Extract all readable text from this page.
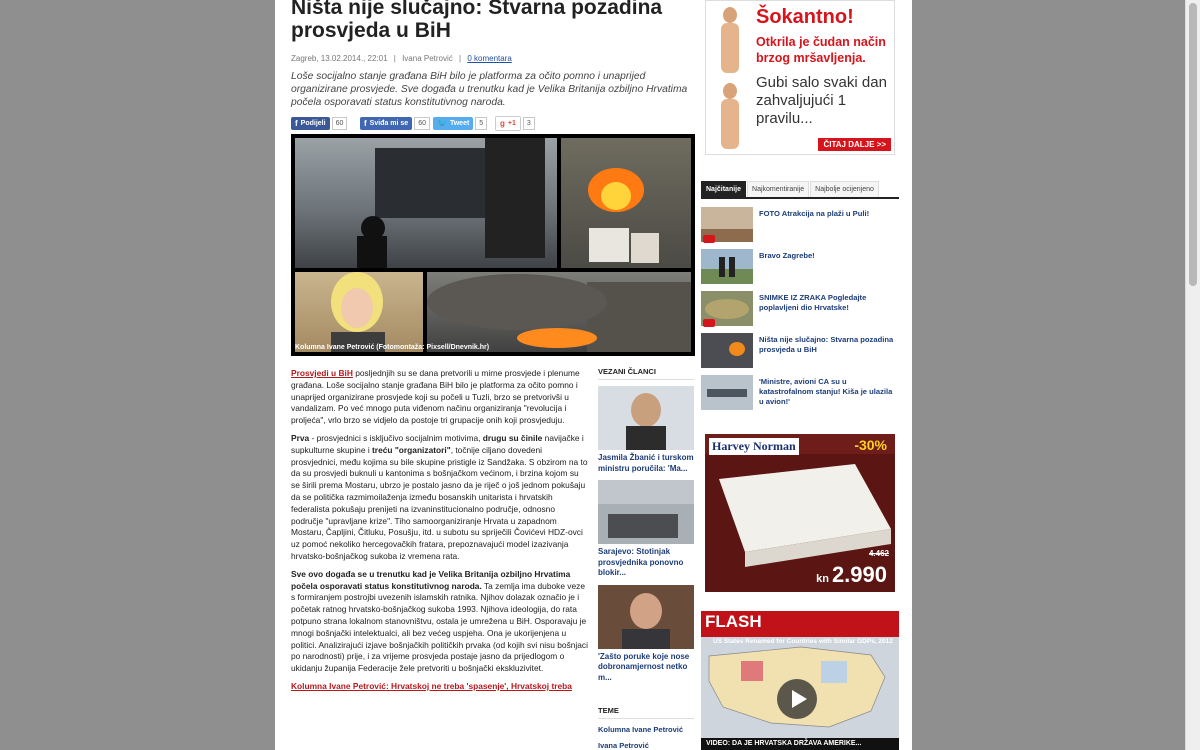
Ništa nije slučajno: Stvarna pozadina prosvjeda u BiH
Zagreb, 13.02.2014., 22:01 | Ivana Petrović | 0 komentara

Loše socijalno stanje građana BiH bilo je platforma za očito pomno i unaprijed organizirane prosvjede. Sve događa u trenutku kad je Velika Britanija ozbiljno Hrvatima počela osporavati status konstitutivnog naroda.

f Podijeli	60	f Sviđa mi se	60	🐦 Tweet	5	g +1	3
Kolumna Ivane Petrović (Fotomontaža: Pixsell/Dnevnik.hr)

Prosvjedi u BiH posljednjih su se dana pretvorili u mirne prosvjede i plenume građana. Loše socijalno stanje građana BiH bilo je platforma za očito pomno i unaprijed organizirane prosvjede koji su počeli u Tuzli, brzo se pretvorivši u vandalizam. Po već mnogo puta viđenom načinu organiziranja "revolucija i proljeća", vrlo brzo se vidjelo da postoje tri grupacije onih koji prosvjeduju.

Prva - prosvjednici s isključivo socijalnim motivima, drugu su činile navijačke i supkulturne skupine i treću "organizatori", točnije ciljano dovedeni prosvjednici, među kojima su bile skupine pristigle iz Sandžaka. S obzirom na to da su prosvjedi buknuli u kantonima s bošnjačkom većinom, i brzina kojom su se širili prema Mostaru, ubrzo je postalo jasno da je riječ o još jednom pokušaju da se politička razmimoilaženja između bosanskih unitarista i hrvatskih federalista pokušaju prenijeti na izvaninstitucionalno područje, odnosno područje "upravljane krize". Tiho samoorganiziranje Hrvata u zapadnom Mostaru, Čapljini, Čitluku, Posušju, itd. u subotu su spriječili Čovićevi HDZ-ovci uz pomoć nekoliko hercegovačkih fratara, prepoznavajući model izazivanja hrvatsko-bošnjačkog sukoba iz vremena rata.

Sve ovo događa se u trenutku kad je Velika Britanija ozbiljno Hrvatima počela osporavati status konstitutivnog naroda. Ta zemlja ima duboke veze s formiranjem postrojbi uvezenih islamskih ratnika. Njihov dolazak označio je i početak ratnog hrvatsko-bošnjačkog sukoba 1993. Njihova ideologija, do rata potpuno strana lokalnom stanovništvu, ostala je umrežena u BiH. Osporavaju je mnogi bošnjački intelektualci, ali bez većeg uspjeha. Ona je ukorijenjena u politici. Analizirajući izjave bošnjačkih političkih prvaka (od kojih svi nisu bošnjaci po narodnosti) prije, i za vrijeme prosvjeda postaje jasno da prijedlogom o ukidanju županija Federacije žele pretvoriti u bošnjački ekskluzivitet.

Kolumna Ivane Petrović: Hrvatskoj ne treba 'spasenje', Hrvatskoj treba

VEZANI ČLANCI
Jasmila Žbanić i turskom ministru poručila: 'Ma...
Sarajevo: Stotinjak prosvjednika ponovno blokir...
'Zašto poruke koje nose dobronamjernost netko m...
TEME
Kolumna Ivane Petrović
Ivana Petrović
Šokantno!
Otkrila je čudan način brzog mršavljenja.
Gubi salo svaki dan zahvaljujući 1 pravilu...
ČITAJ DALJE >>
Najčitanije	Najkomentiranije	Najbolje ocijenjeno
FOTO Atrakcija na plaži u Puli!
Bravo Zagrebe!
SNIMKE IZ ZRAKA Pogledajte poplavljeni dio Hrvatske!
Ništa nije slučajno: Stvarna pozadina prosvjeda u BiH
'Ministre, avioni CA su u katastrofalnom stanju! Kiša je ulazila u avion!'
Harvey Norman	-30%
4.462
kn 2.990
FLASH
US States Renamed for Countries with Similar GDPs, 2012
VIDEO: DA JE HRVATSKA DRŽAVA AMERIKE...
